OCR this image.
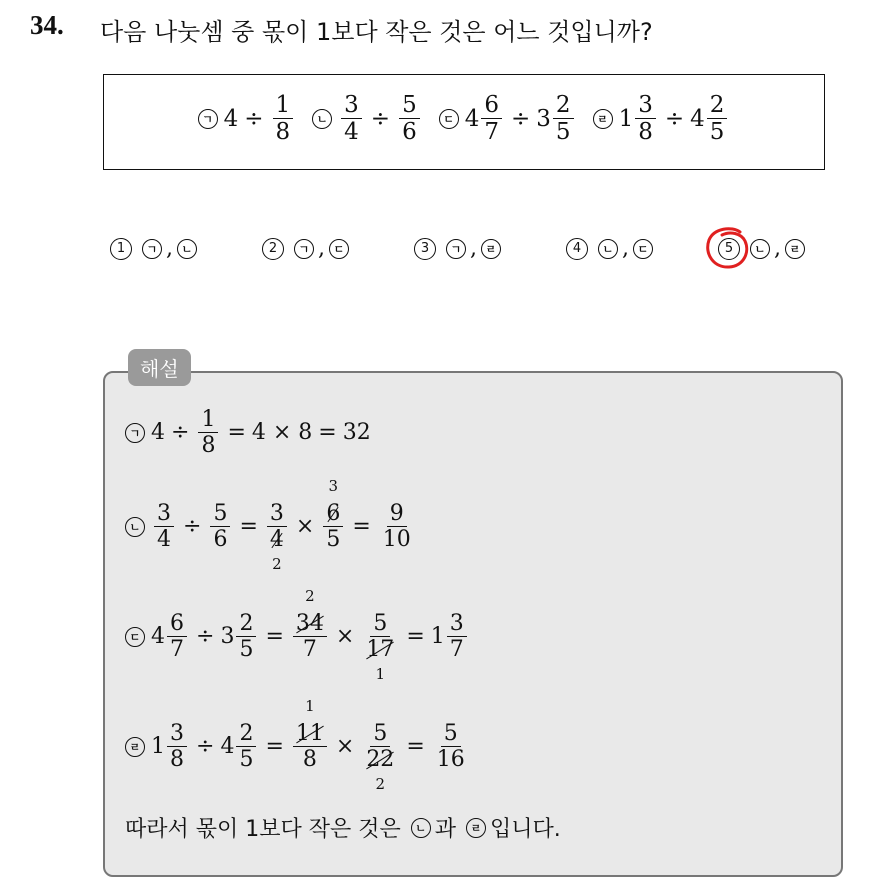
34. 다음 나눗셈 중 몫이 1보다 작은 것은 어느 것입니까?
ㄱ $4 \div \frac{1}{8}$	ㄴ $\frac{3}{4} \div \frac{5}{6}$	ㄷ $4 \frac{6}{7} \div 3 \frac{2}{5}$	ㄹ $1 \frac{3}{8} \div 4 \frac{2}{5}$
1	ㄱ , ㄴ	2	ㄱ , ㄷ	3	ㄱ , ㄹ	4	ㄴ , ㄷ	5	ㄴ , ㄹ
해설
ㄱ $4 \div \frac{1}{8} = 4 \times 8 = 32$
ㄴ $\frac{3}{4} \div \frac{5}{6} = 3$
4
2 × 6
3
$5 = \frac{9}{10}$
ㄷ $4 \frac{6}{7} \div 3 \frac{2}{5} = 34$
2
7 × 5
17
$1 = 1 \frac{3}{7}$
ㄹ $1 \frac{3}{8} \div 4 \frac{2}{5} = 11$
1
8 × 5
22
$2 = \frac{5}{16}$
따라서 몫이 1보다 작은 것은	ㄴ 과	ㄹ 입니다.
